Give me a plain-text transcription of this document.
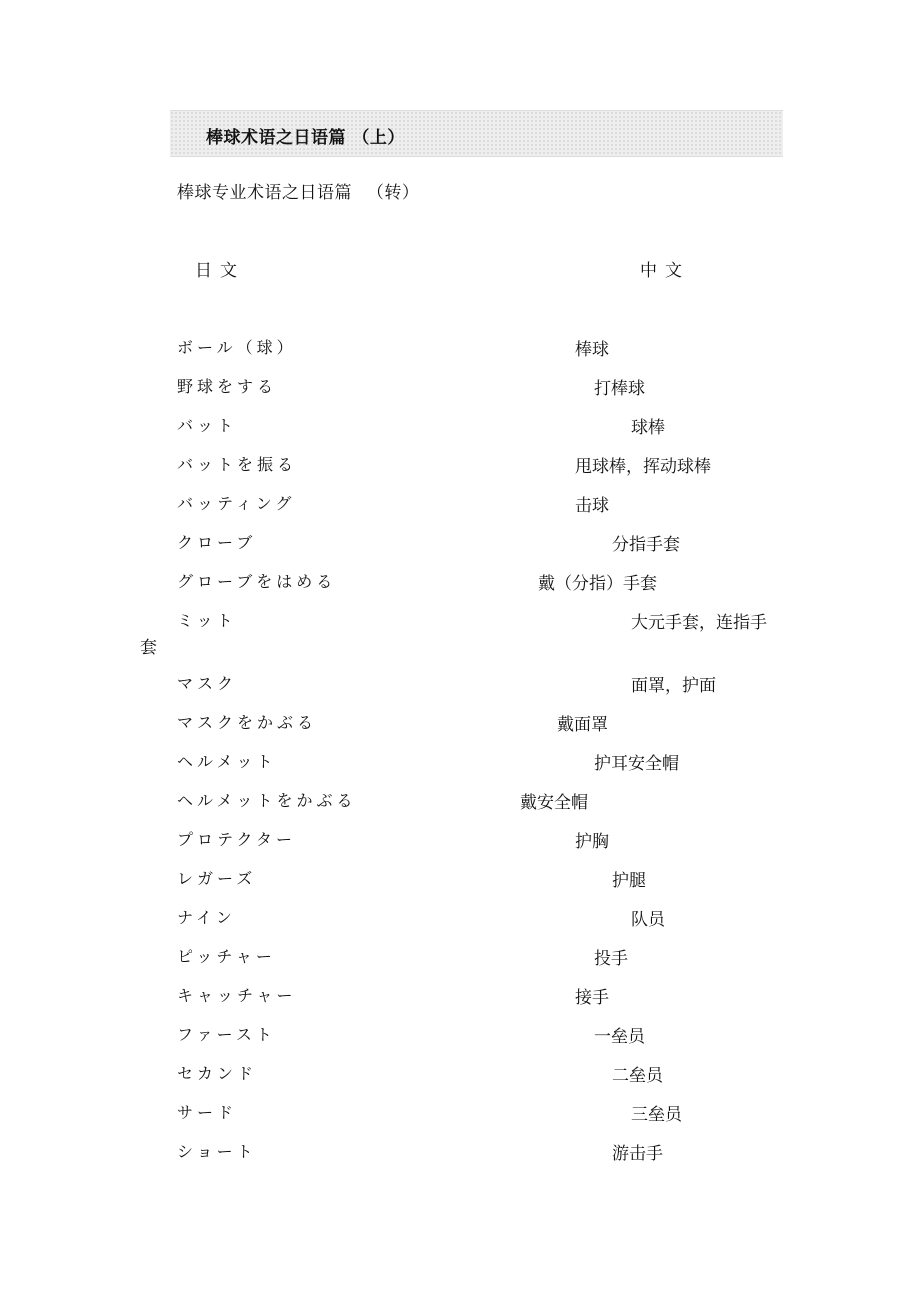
棒球术语之日语篇 （上）
棒球专业术语之日语篇 　（转）
日文	中文
ボール（球）	棒球
野球をする	打棒球
バット	球棒
バットを振る	甩球棒，挥动球棒
バッティング	击球
クローブ	分指手套
グローブをはめる	戴（分指）手套
ミット	大元手套，连指手
套
マスク	面罩，护面
マスクをかぶる	戴面罩
ヘルメット	护耳安全帽
ヘルメットをかぶる	戴安全帽
プロテクター	护胸
レガーズ	护腿
ナイン	队员
ピッチャー	投手
キャッチャー	接手
ファースト	一垒员
セカンド	二垒员
サード	三垒员
ショート	游击手
